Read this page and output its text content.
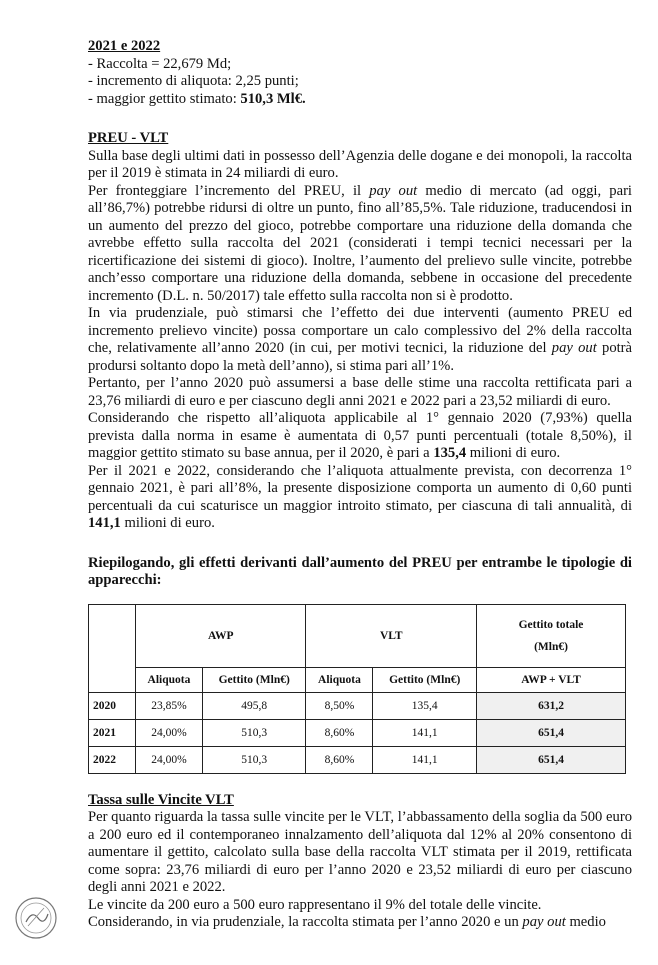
2021 e 2022

- Raccolta = 22,679 Md;

- incremento di aliquota: 2,25 punti;

- maggior gettito stimato: 510,3 Ml€.

PREU - VLT

Sulla base degli ultimi dati in possesso dell’Agenzia delle dogane e dei monopoli, la raccolta per il 2019 è stimata in 24 miliardi di euro.

Per fronteggiare l’incremento del PREU, il pay out medio di mercato (ad oggi, pari all’86,7%) potrebbe ridursi di oltre un punto, fino all’85,5%. Tale riduzione, traducendosi in un aumento del prezzo del gioco, potrebbe comportare una riduzione della domanda che avrebbe effetto sulla raccolta del 2021 (considerati i tempi tecnici necessari per la ricertificazione dei sistemi di gioco). Inoltre, l’aumento del prelievo sulle vincite, potrebbe anch’esso comportare una riduzione della domanda, sebbene in occasione del precedente incremento (D.L. n. 50/2017) tale effetto sulla raccolta non si è prodotto.

In via prudenziale, può stimarsi che l’effetto dei due interventi (aumento PREU ed incremento prelievo vincite) possa comportare un calo complessivo del 2% della raccolta che, relativamente all’anno 2020 (in cui, per motivi tecnici, la riduzione del pay out potrà prodursi soltanto dopo la metà dell’anno), si stima pari all’1%.

Pertanto, per l’anno 2020 può assumersi a base delle stime una raccolta rettificata pari a 23,76 miliardi di euro e per ciascuno degli anni 2021 e 2022 pari a 23,52 miliardi di euro.

Considerando che rispetto all’aliquota applicabile al 1° gennaio 2020 (7,93%) quella prevista dalla norma in esame è aumentata di 0,57 punti percentuali (totale 8,50%), il maggior gettito stimato su base annua, per il 2020, è pari a 135,4 milioni di euro.

Per il 2021 e 2022, considerando che l’aliquota attualmente prevista, con decorrenza 1° gennaio 2021, è pari all’8%, la presente disposizione comporta un aumento di 0,60 punti percentuali da cui scaturisce un maggior introito stimato, per ciascuna di tali annualità, di 141,1 milioni di euro.

Riepilogando, gli effetti derivanti dall’aumento del PREU per entrambe le tipologie di apparecchi:

	AWP		VLT		Gettito totale
(Mln€)

	Aliquota	Gettito (Mln€)	Aliquota	Gettito (Mln€)	AWP + VLT
2020	23,85%	495,8	8,50%	135,4	631,2
2021	24,00%	510,3	8,60%	141,1	651,4
2022	24,00%	510,3	8,60%	141,1	651,4

Tassa sulle Vincite VLT

Per quanto riguarda la tassa sulle vincite per le VLT, l’abbassamento della soglia da 500 euro a 200 euro ed il contemporaneo innalzamento dell’aliquota dal 12% al 20% consentono di aumentare il gettito, calcolato sulla base della raccolta VLT stimata per il 2019, rettificata come sopra: 23,76 miliardi di euro per l’anno 2020 e 23,52 miliardi di euro per ciascuno degli anni 2021 e 2022.

Le vincite da 200 euro a 500 euro rappresentano il 9% del totale delle vincite.

Considerando, in via prudenziale, la raccolta stimata per l’anno 2020 e un pay out medio
